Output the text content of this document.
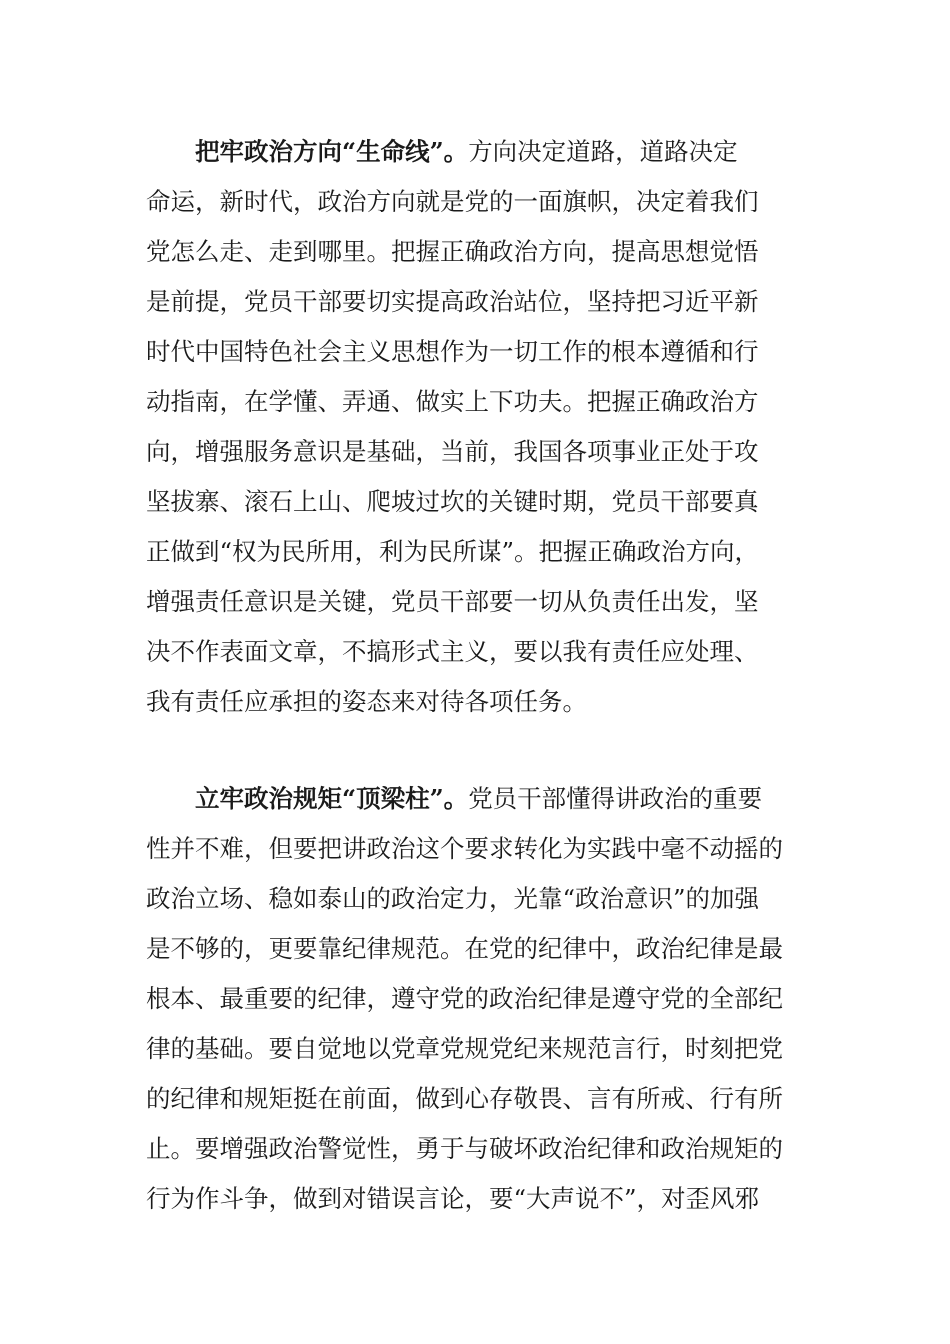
把牢政治方向“生命线”。方向决定道路，道路决定
命运，新时代，政治方向就是党的一面旗帜，决定着我们
党怎么走、走到哪里。把握正确政治方向，提高思想觉悟
是前提，党员干部要切实提高政治站位，坚持把习近平新
时代中国特色社会主义思想作为一切工作的根本遵循和行
动指南，在学懂、弄通、做实上下功夫。把握正确政治方
向，增强服务意识是基础，当前，我国各项事业正处于攻
坚拔寨、滚石上山、爬坡过坎的关键时期，党员干部要真
正做到“权为民所用，利为民所谋”。把握正确政治方向，
增强责任意识是关键，党员干部要一切从负责任出发，坚
决不作表面文章，不搞形式主义，要以我有责任应处理、
我有责任应承担的姿态来对待各项任务。

立牢政治规矩“顶梁柱”。党员干部懂得讲政治的重要
性并不难，但要把讲政治这个要求转化为实践中毫不动摇的
政治立场、稳如泰山的政治定力，光靠“政治意识”的加强
是不够的，更要靠纪律规范。在党的纪律中，政治纪律是最
根本、最重要的纪律，遵守党的政治纪律是遵守党的全部纪
律的基础。要自觉地以党章党规党纪来规范言行，时刻把党
的纪律和规矩挺在前面，做到心存敬畏、言有所戒、行有所
止。要增强政治警觉性，勇于与破坏政治纪律和政治规矩的
行为作斗争，做到对错误言论，要“大声说不”，对歪风邪
